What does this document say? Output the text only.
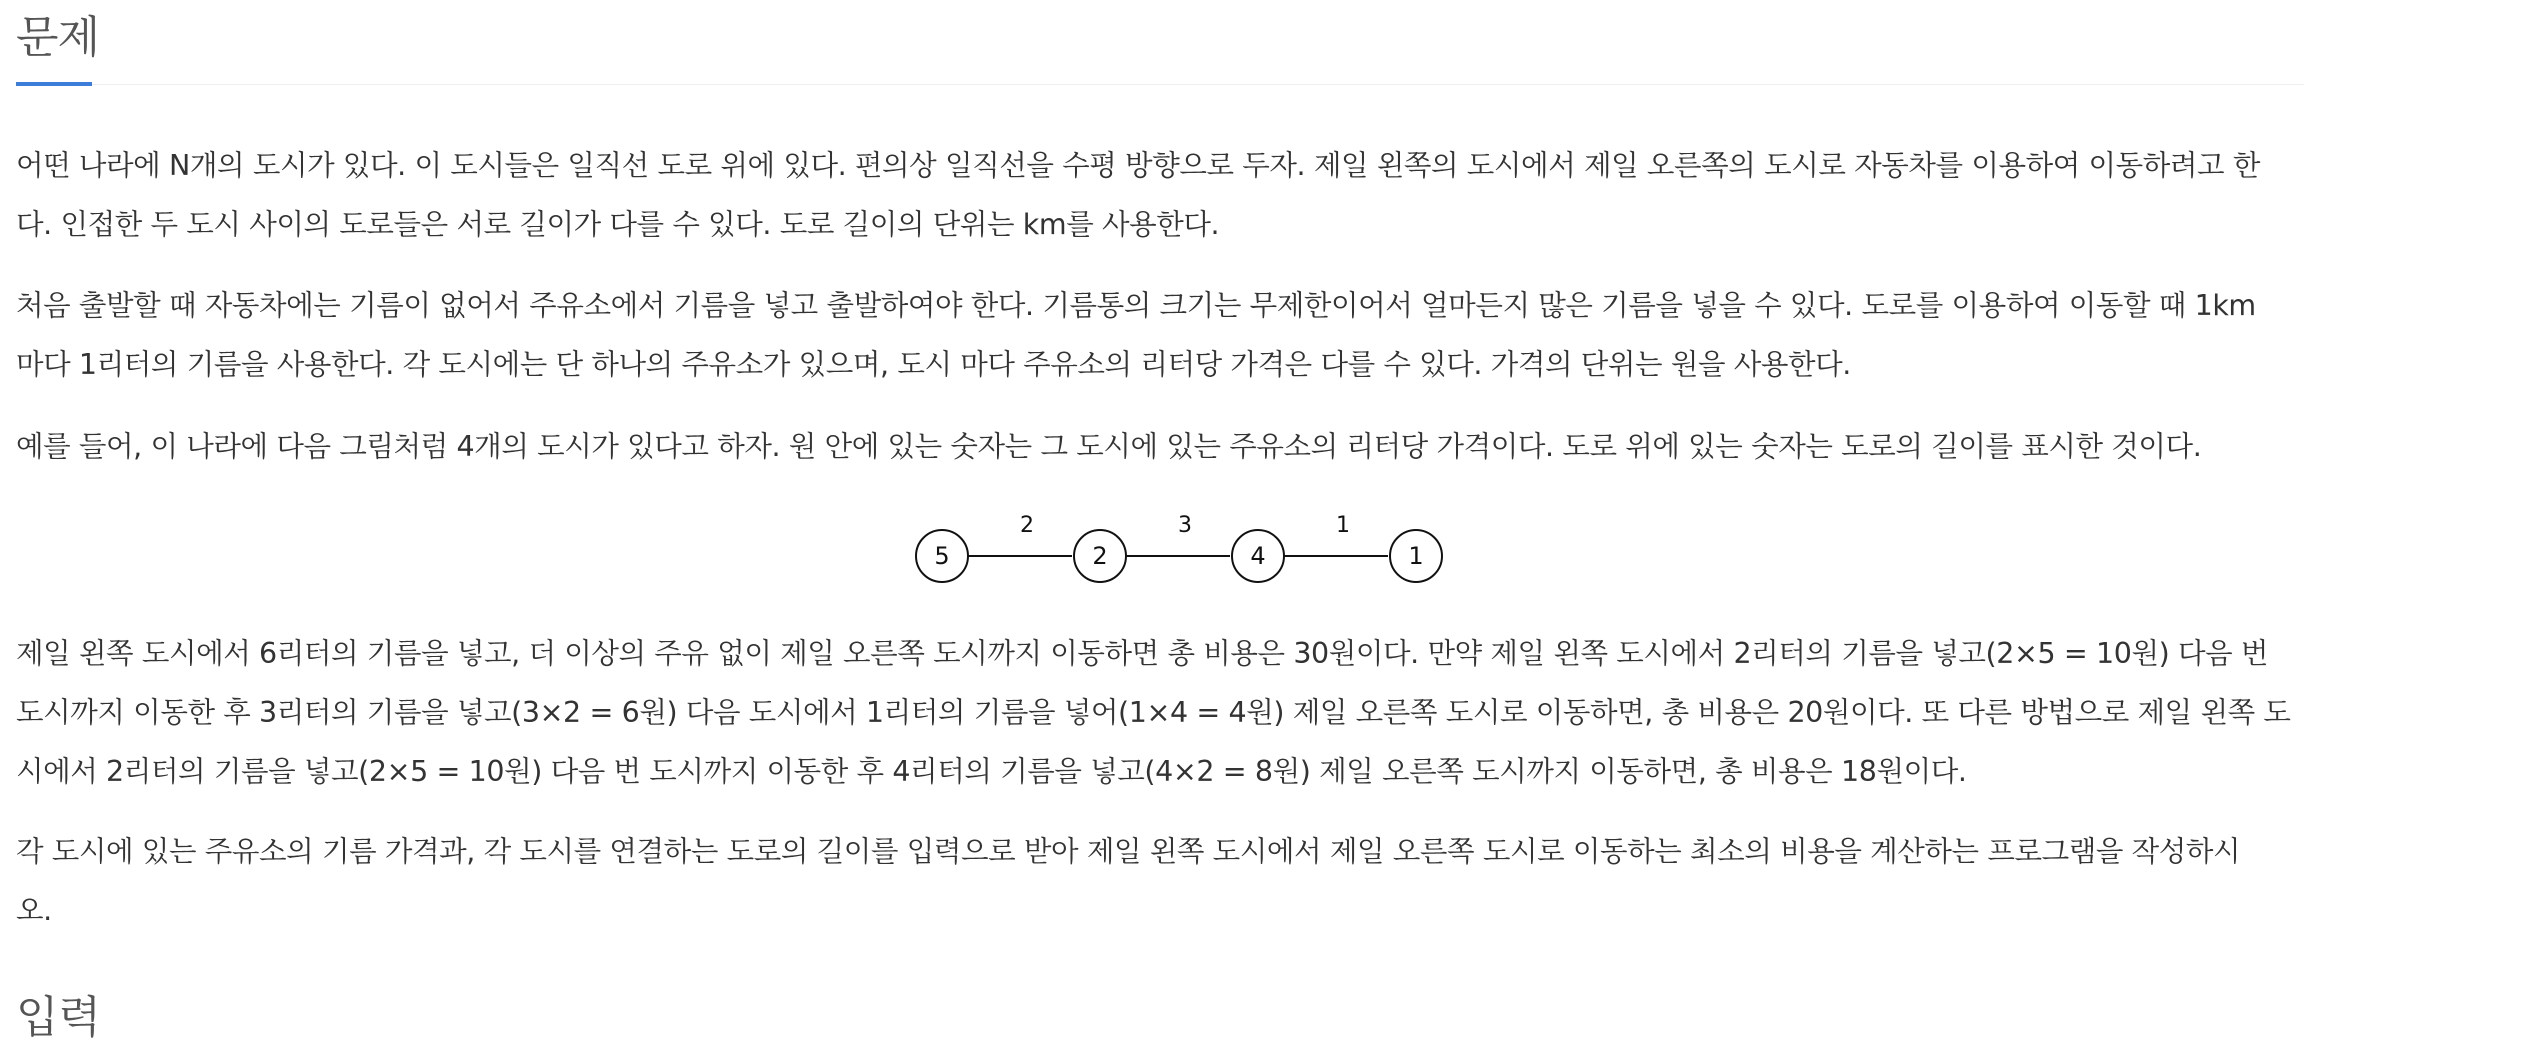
문제

어떤 나라에 N개의 도시가 있다. 이 도시들은 일직선 도로 위에 있다. 편의상 일직선을 수평 방향으로 두자. 제일 왼쪽의 도시에서 제일 오른쪽의 도시로 자동차를 이용하여 이동하려고 한
다. 인접한 두 도시 사이의 도로들은 서로 길이가 다를 수 있다. 도로 길이의 단위는 km를 사용한다.

처음 출발할 때 자동차에는 기름이 없어서 주유소에서 기름을 넣고 출발하여야 한다. 기름통의 크기는 무제한이어서 얼마든지 많은 기름을 넣을 수 있다. 도로를 이용하여 이동할 때 1km
마다 1리터의 기름을 사용한다. 각 도시에는 단 하나의 주유소가 있으며, 도시 마다 주유소의 리터당 가격은 다를 수 있다. 가격의 단위는 원을 사용한다.

예를 들어, 이 나라에 다음 그림처럼 4개의 도시가 있다고 하자. 원 안에 있는 숫자는 그 도시에 있는 주유소의 리터당 가격이다. 도로 위에 있는 숫자는 도로의 길이를 표시한 것이다.

2	3	1
5	2	4	1

제일 왼쪽 도시에서 6리터의 기름을 넣고, 더 이상의 주유 없이 제일 오른쪽 도시까지 이동하면 총 비용은 30원이다. 만약 제일 왼쪽 도시에서 2리터의 기름을 넣고(2×5 = 10원) 다음 번
도시까지 이동한 후 3리터의 기름을 넣고(3×2 = 6원) 다음 도시에서 1리터의 기름을 넣어(1×4 = 4원) 제일 오른쪽 도시로 이동하면, 총 비용은 20원이다. 또 다른 방법으로 제일 왼쪽 도
시에서 2리터의 기름을 넣고(2×5 = 10원) 다음 번 도시까지 이동한 후 4리터의 기름을 넣고(4×2 = 8원) 제일 오른쪽 도시까지 이동하면, 총 비용은 18원이다.

각 도시에 있는 주유소의 기름 가격과, 각 도시를 연결하는 도로의 길이를 입력으로 받아 제일 왼쪽 도시에서 제일 오른쪽 도시로 이동하는 최소의 비용을 계산하는 프로그램을 작성하시
오.

입력
